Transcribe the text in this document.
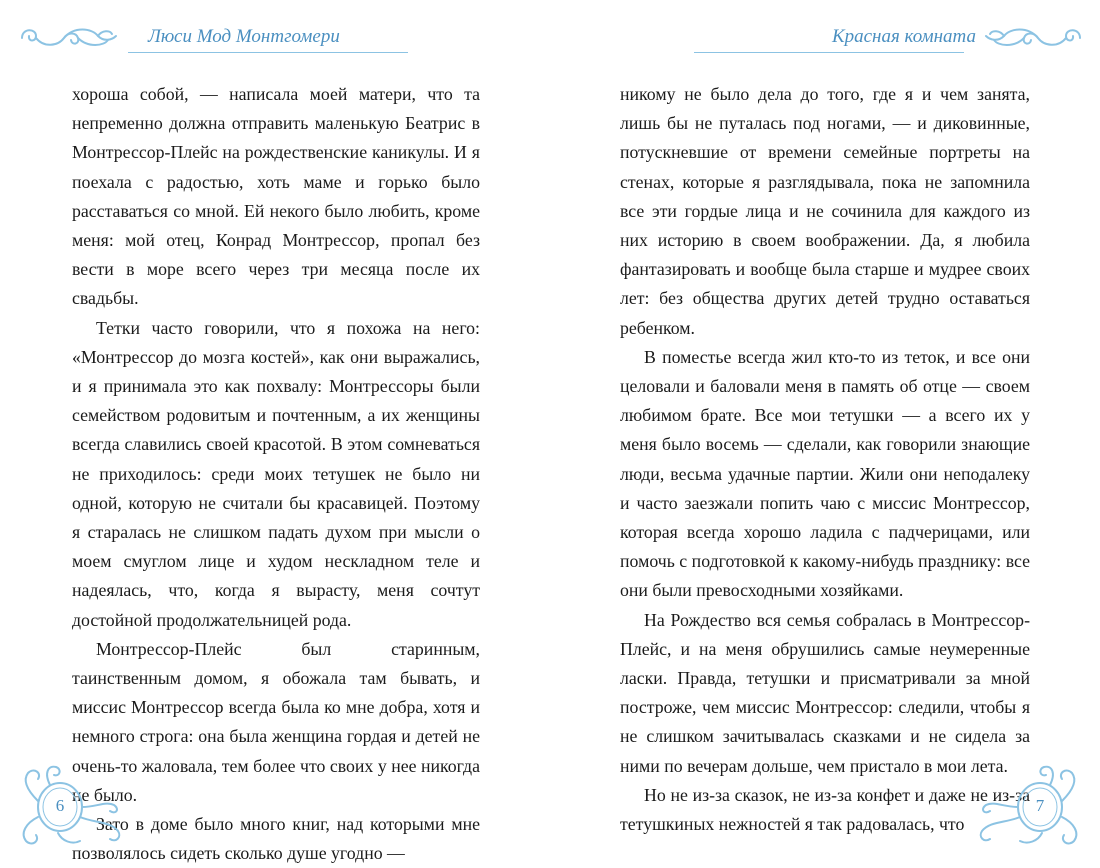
Люси Мод Монтгомери

хороша собой, — написала моей матери, что та непременно должна отправить маленькую Беатрис в Монтрессор-Плейс на рождественские каникулы. И я поехала с радостью, хоть маме и горько было расставаться со мной. Ей некого было любить, кроме меня: мой отец, Конрад Монтрессор, пропал без вести в море всего через три месяца после их свадьбы.

Тетки часто говорили, что я похожа на него: «Монтрессор до мозга костей», как они выражались, и я принимала это как похвалу: Монтрессоры были семейством родовитым и почтенным, а их женщины всегда славились своей красотой. В этом сомневаться не приходилось: среди моих тетушек не было ни одной, которую не считали бы красавицей. Поэтому я старалась не слишком падать духом при мысли о моем смуглом лице и худом нескладном теле и надеялась, что, когда я вырасту, меня сочтут достойной продолжательницей рода.

Монтрессор-Плейс был старинным, таинственным домом, я обожала там бывать, и миссис Монтрессор всегда была ко мне добра, хотя и немного строга: она была женщина гордая и детей не очень-то жаловала, тем более что своих у нее никогда не было.

Зато в доме было много книг, над которыми мне позволялось сидеть сколько душе угодно —

6
Красная комната

никому не было дела до того, где я и чем занята, лишь бы не путалась под ногами, — и диковинные, потускневшие от времени семейные портреты на стенах, которые я разглядывала, пока не запомнила все эти гордые лица и не сочинила для каждого из них историю в своем воображении. Да, я любила фантазировать и вообще была старше и мудрее своих лет: без общества других детей трудно оставаться ребенком.

В поместье всегда жил кто-то из теток, и все они целовали и баловали меня в память об отце — своем любимом брате. Все мои тетушки — а всего их у меня было восемь — сделали, как говорили знающие люди, весьма удачные партии. Жили они неподалеку и часто заезжали попить чаю с миссис Монтрессор, которая всегда хорошо ладила с падчерицами, или помочь с подготовкой к какому-нибудь празднику: все они были превосходными хозяйками.

На Рождество вся семья собралась в Монтрессор-Плейс, и на меня обрушились самые неумеренные ласки. Правда, тетушки и присматривали за мной построже, чем миссис Монтрессор: следили, чтобы я не слишком зачитывалась сказками и не сидела за ними по вечерам дольше, чем пристало в мои лета.

Но не из-за сказок, не из-за конфет и даже не из-за тетушкиных нежностей я так радовалась, что

7
